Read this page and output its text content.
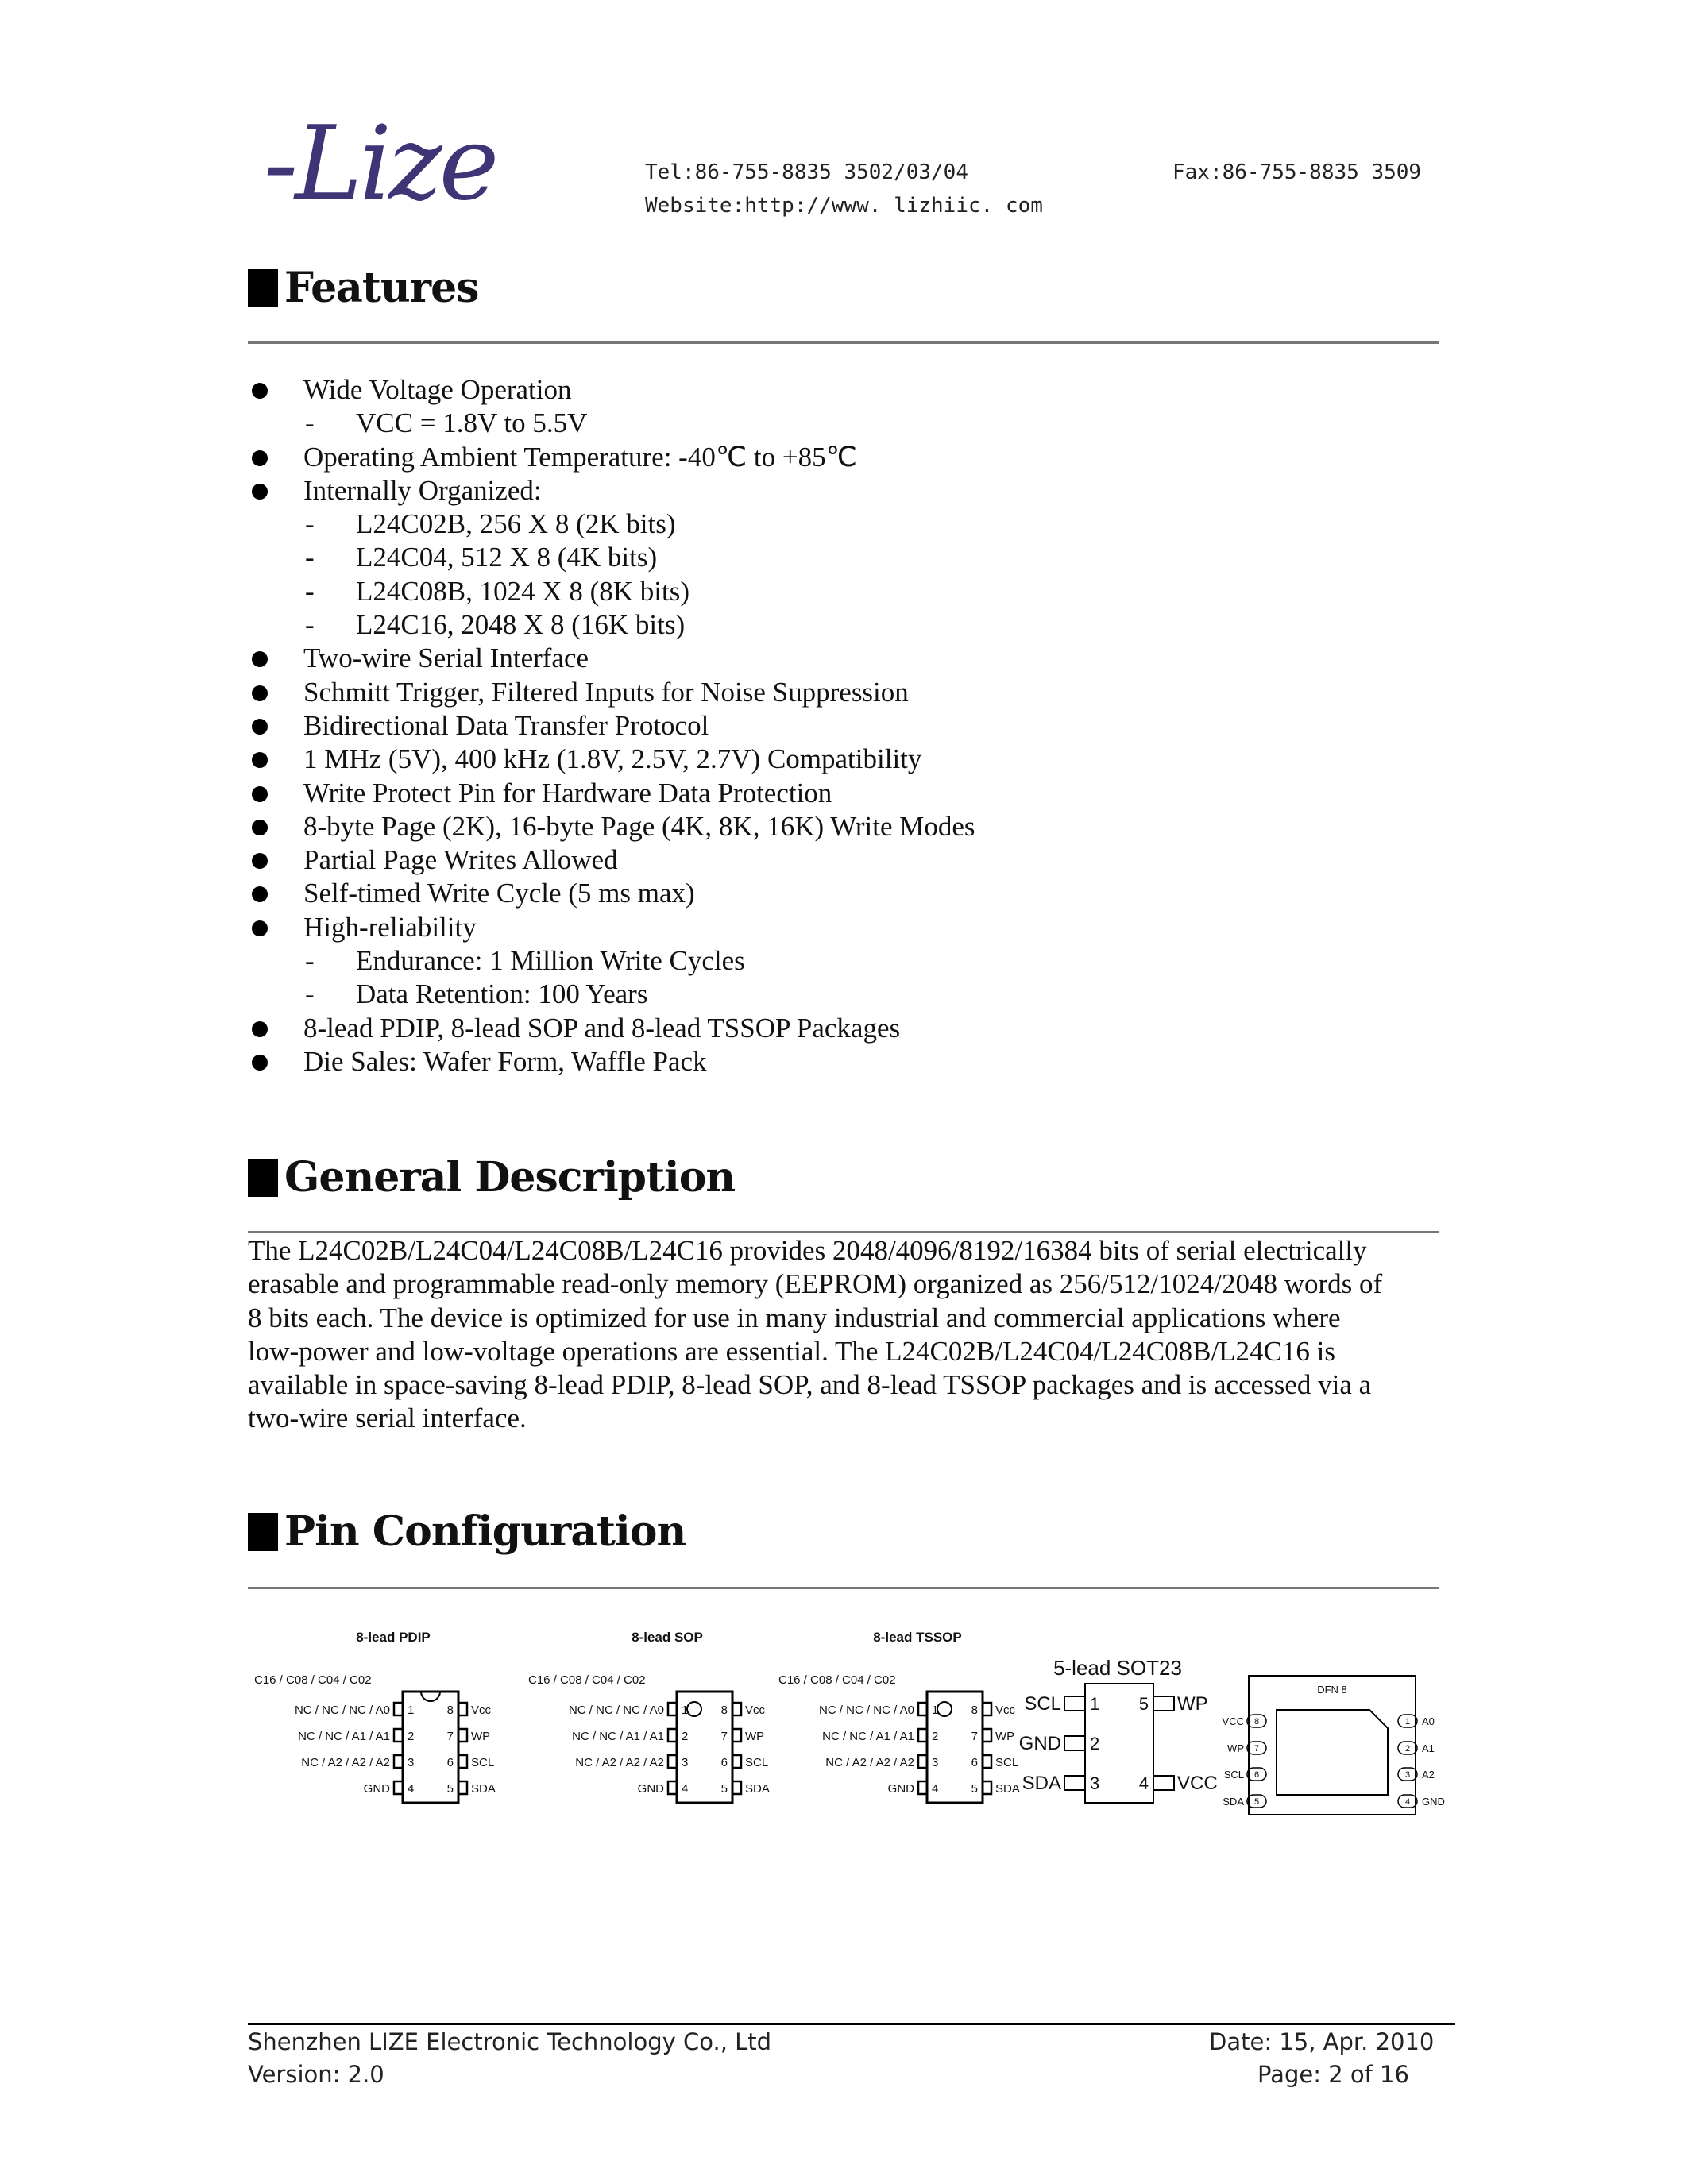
-Lize	Tel:86-755-8835 3502/03/04	Fax:86-755-8835 3509
Website:http://www. lizhiic. com
Features
Wide Voltage Operation
- VCC = 1.8V to 5.5V
Operating Ambient Temperature: -40℃ to +85℃
Internally Organized:
- L24C02B, 256 X 8 (2K bits)
- L24C04, 512 X 8 (4K bits)
- L24C08B, 1024 X 8 (8K bits)
- L24C16, 2048 X 8 (16K bits)
Two-wire Serial Interface
Schmitt Trigger, Filtered Inputs for Noise Suppression
Bidirectional Data Transfer Protocol
1 MHz (5V), 400 kHz (1.8V, 2.5V, 2.7V) Compatibility
Write Protect Pin for Hardware Data Protection
8-byte Page (2K), 16-byte Page (4K, 8K, 16K) Write Modes
Partial Page Writes Allowed
Self-timed Write Cycle (5 ms max)
High-reliability
- Endurance: 1 Million Write Cycles
- Data Retention: 100 Years
8-lead PDIP, 8-lead SOP and 8-lead TSSOP Packages
Die Sales: Wafer Form, Waffle Pack
General Description
The L24C02B/L24C04/L24C08B/L24C16 provides 2048/4096/8192/16384 bits of serial electrically
erasable and programmable read-only memory (EEPROM) organized as 256/512/1024/2048 words of
8 bits each. The device is optimized for use in many industrial and commercial applications where
low-power and low-voltage operations are essential. The L24C02B/L24C04/L24C08B/L24C16 is
available in space-saving 8-lead PDIP, 8-lead SOP, and 8-lead TSSOP packages and is accessed via a
two-wire serial interface.
Pin Configuration
8-lead PDIP
C16 / C08 / C04 / C02
1
NC / NC / NC / A0	8 Vcc
2
NC / NC / A1 / A1	7 WP
3
NC / A2 / A2 / A2	6 SCL
4
GND	5 SDA
8-lead SOP
C16 / C08 / C04 / C02
1
NC / NC / NC / A0	8 Vcc
2
NC / NC / A1 / A1	7 WP
3
NC / A2 / A2 / A2	6 SCL
4
GND	5 SDA
8-lead TSSOP
C16 / C08 / C04 / C02
1
NC / NC / NC / A0	8 Vcc
2
NC / NC / A1 / A1	7 WP
3
NC / A2 / A2 / A2	6 SCL
4
GND	5 SDA
5-lead SOT23
SCL 1
GND 2
SDA 3
WP
5
VCC
4
DFN 8
8
VCC	1 A0
7
WP	2 A1
6
SCL	3 A2
5
SDA	4 GND
Shenzhen LIZE Electronic Technology Co., Ltd	Date: 15, Apr. 2010
Version: 2.0	Page: 2 of 16
